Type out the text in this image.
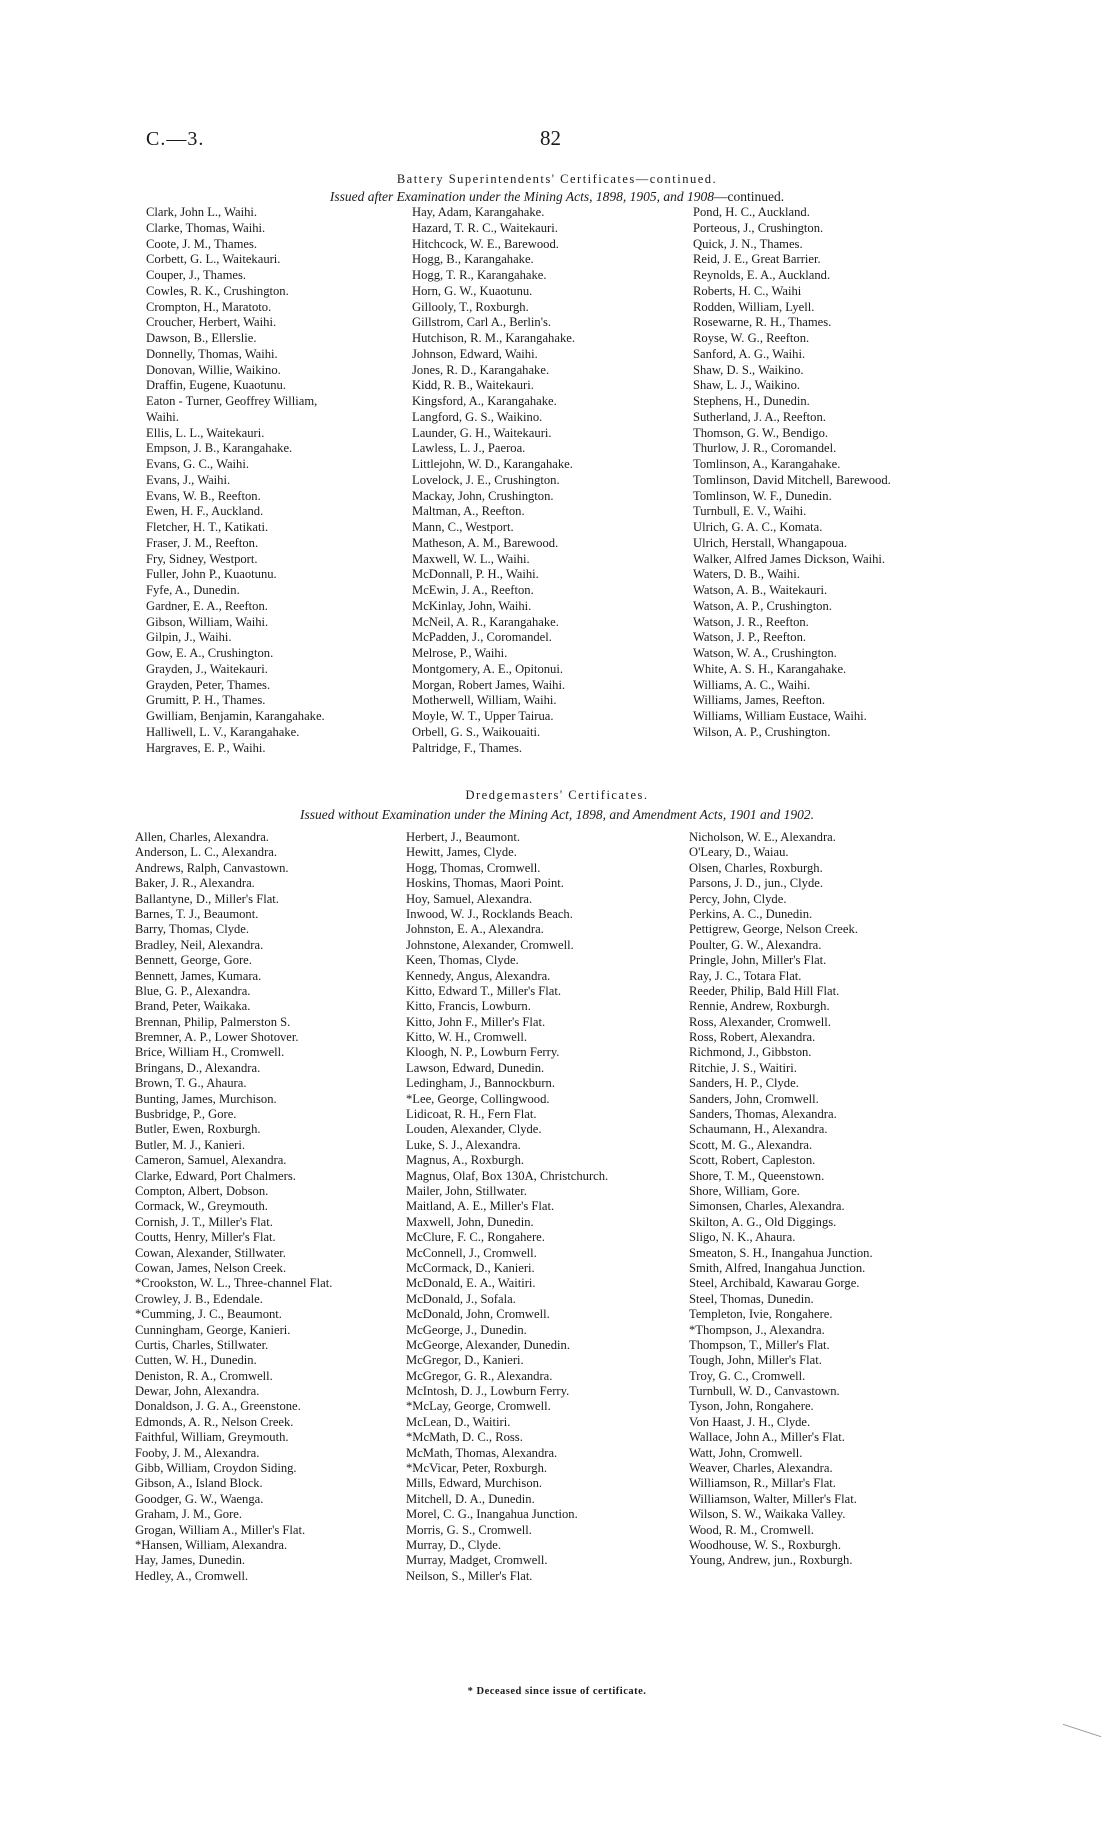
C.—3.	82
Battery Superintendents' Certificates—continued.
Issued after Examination under the Mining Acts, 1898, 1905, and 1908—continued.
Clark, John L., Waihi.
Clarke, Thomas, Waihi.
Coote, J. M., Thames.
Corbett, G. L., Waitekauri.
Couper, J., Thames.
Cowles, R. K., Crushington.
Crompton, H., Maratoto.
Croucher, Herbert, Waihi.
Dawson, B., Ellerslie.
Donnelly, Thomas, Waihi.
Donovan, Willie, Waikino.
Draffin, Eugene, Kuaotunu.
Eaton - Turner, Geoffrey William,
Waihi.
Ellis, L. L., Waitekauri.
Empson, J. B., Karangahake.
Evans, G. C., Waihi.
Evans, J., Waihi.
Evans, W. B., Reefton.
Ewen, H. F., Auckland.
Fletcher, H. T., Katikati.
Fraser, J. M., Reefton.
Fry, Sidney, Westport.
Fuller, John P., Kuaotunu.
Fyfe, A., Dunedin.
Gardner, E. A., Reefton.
Gibson, William, Waihi.
Gilpin, J., Waihi.
Gow, E. A., Crushington.
Grayden, J., Waitekauri.
Grayden, Peter, Thames.
Grumitt, P. H., Thames.
Gwilliam, Benjamin, Karangahake.
Halliwell, L. V., Karangahake.
Hargraves, E. P., Waihi.
Hay, Adam, Karangahake.
Hazard, T. R. C., Waitekauri.
Hitchcock, W. E., Barewood.
Hogg, B., Karangahake.
Hogg, T. R., Karangahake.
Horn, G. W., Kuaotunu.
Gillooly, T., Roxburgh.
Gillstrom, Carl A., Berlin's.
Hutchison, R. M., Karangahake.
Johnson, Edward, Waihi.
Jones, R. D., Karangahake.
Kidd, R. B., Waitekauri.
Kingsford, A., Karangahake.
Langford, G. S., Waikino.
Launder, G. H., Waitekauri.
Lawless, L. J., Paeroa.
Littlejohn, W. D., Karangahake.
Lovelock, J. E., Crushington.
Mackay, John, Crushington.
Maltman, A., Reefton.
Mann, C., Westport.
Matheson, A. M., Barewood.
Maxwell, W. L., Waihi.
McDonnall, P. H., Waihi.
McEwin, J. A., Reefton.
McKinlay, John, Waihi.
McNeil, A. R., Karangahake.
McPadden, J., Coromandel.
Melrose, P., Waihi.
Montgomery, A. E., Opitonui.
Morgan, Robert James, Waihi.
Motherwell, William, Waihi.
Moyle, W. T., Upper Tairua.
Orbell, G. S., Waikouaiti.
Paltridge, F., Thames.
Pond, H. C., Auckland.
Porteous, J., Crushington.
Quick, J. N., Thames.
Reid, J. E., Great Barrier.
Reynolds, E. A., Auckland.
Roberts, H. C., Waihi
Rodden, William, Lyell.
Rosewarne, R. H., Thames.
Royse, W. G., Reefton.
Sanford, A. G., Waihi.
Shaw, D. S., Waikino.
Shaw, L. J., Waikino.
Stephens, H., Dunedin.
Sutherland, J. A., Reefton.
Thomson, G. W., Bendigo.
Thurlow, J. R., Coromandel.
Tomlinson, A., Karangahake.
Tomlinson, David Mitchell, Barewood.
Tomlinson, W. F., Dunedin.
Turnbull, E. V., Waihi.
Ulrich, G. A. C., Komata.
Ulrich, Herstall, Whangapoua.
Walker, Alfred James Dickson, Waihi.
Waters, D. B., Waihi.
Watson, A. B., Waitekauri.
Watson, A. P., Crushington.
Watson, J. R., Reefton.
Watson, J. P., Reefton.
Watson, W. A., Crushington.
White, A. S. H., Karangahake.
Williams, A. C., Waihi.
Williams, James, Reefton.
Williams, William Eustace, Waihi.
Wilson, A. P., Crushington.
Dredgemasters' Certificates.
Issued without Examination under the Mining Act, 1898, and Amendment Acts, 1901 and 1902.
Allen, Charles, Alexandra.
Anderson, L. C., Alexandra.
Andrews, Ralph, Canvastown.
Baker, J. R., Alexandra.
Ballantyne, D., Miller's Flat.
Barnes, T. J., Beaumont.
Barry, Thomas, Clyde.
Bradley, Neil, Alexandra.
Bennett, George, Gore.
Bennett, James, Kumara.
Blue, G. P., Alexandra.
Brand, Peter, Waikaka.
Brennan, Philip, Palmerston S.
Bremner, A. P., Lower Shotover.
Brice, William H., Cromwell.
Bringans, D., Alexandra.
Brown, T. G., Ahaura.
Bunting, James, Murchison.
Busbridge, P., Gore.
Butler, Ewen, Roxburgh.
Butler, M. J., Kanieri.
Cameron, Samuel, Alexandra.
Clarke, Edward, Port Chalmers.
Compton, Albert, Dobson.
Cormack, W., Greymouth.
Cornish, J. T., Miller's Flat.
Coutts, Henry, Miller's Flat.
Cowan, Alexander, Stillwater.
Cowan, James, Nelson Creek.
*Crookston, W. L., Three-channel Flat.
Crowley, J. B., Edendale.
*Cumming, J. C., Beaumont.
Cunningham, George, Kanieri.
Curtis, Charles, Stillwater.
Cutten, W. H., Dunedin.
Deniston, R. A., Cromwell.
Dewar, John, Alexandra.
Donaldson, J. G. A., Greenstone.
Edmonds, A. R., Nelson Creek.
Faithful, William, Greymouth.
Fooby, J. M., Alexandra.
Gibb, William, Croydon Siding.
Gibson, A., Island Block.
Goodger, G. W., Waenga.
Graham, J. M., Gore.
Grogan, William A., Miller's Flat.
*Hansen, William, Alexandra.
Hay, James, Dunedin.
Hedley, A., Cromwell.
Herbert, J., Beaumont.
Hewitt, James, Clyde.
Hogg, Thomas, Cromwell.
Hoskins, Thomas, Maori Point.
Hoy, Samuel, Alexandra.
Inwood, W. J., Rocklands Beach.
Johnston, E. A., Alexandra.
Johnstone, Alexander, Cromwell.
Keen, Thomas, Clyde.
Kennedy, Angus, Alexandra.
Kitto, Edward T., Miller's Flat.
Kitto, Francis, Lowburn.
Kitto, John F., Miller's Flat.
Kitto, W. H., Cromwell.
Kloogh, N. P., Lowburn Ferry.
Lawson, Edward, Dunedin.
Ledingham, J., Bannockburn.
*Lee, George, Collingwood.
Lidicoat, R. H., Fern Flat.
Louden, Alexander, Clyde.
Luke, S. J., Alexandra.
Magnus, A., Roxburgh.
Magnus, Olaf, Box 130A, Christchurch.
Mailer, John, Stillwater.
Maitland, A. E., Miller's Flat.
Maxwell, John, Dunedin.
McClure, F. C., Rongahere.
McConnell, J., Cromwell.
McCormack, D., Kanieri.
McDonald, E. A., Waitiri.
McDonald, J., Sofala.
McDonald, John, Cromwell.
McGeorge, J., Dunedin.
McGeorge, Alexander, Dunedin.
McGregor, D., Kanieri.
McGregor, G. R., Alexandra.
McIntosh, D. J., Lowburn Ferry.
*McLay, George, Cromwell.
McLean, D., Waitiri.
*McMath, D. C., Ross.
McMath, Thomas, Alexandra.
*McVicar, Peter, Roxburgh.
Mills, Edward, Murchison.
Mitchell, D. A., Dunedin.
Morel, C. G., Inangahua Junction.
Morris, G. S., Cromwell.
Murray, D., Clyde.
Murray, Madget, Cromwell.
Neilson, S., Miller's Flat.
Nicholson, W. E., Alexandra.
O'Leary, D., Waiau.
Olsen, Charles, Roxburgh.
Parsons, J. D., jun., Clyde.
Percy, John, Clyde.
Perkins, A. C., Dunedin.
Pettigrew, George, Nelson Creek.
Poulter, G. W., Alexandra.
Pringle, John, Miller's Flat.
Ray, J. C., Totara Flat.
Reeder, Philip, Bald Hill Flat.
Rennie, Andrew, Roxburgh.
Ross, Alexander, Cromwell.
Ross, Robert, Alexandra.
Richmond, J., Gibbston.
Ritchie, J. S., Waitiri.
Sanders, H. P., Clyde.
Sanders, John, Cromwell.
Sanders, Thomas, Alexandra.
Schaumann, H., Alexandra.
Scott, M. G., Alexandra.
Scott, Robert, Capleston.
Shore, T. M., Queenstown.
Shore, William, Gore.
Simonsen, Charles, Alexandra.
Skilton, A. G., Old Diggings.
Sligo, N. K., Ahaura.
Smeaton, S. H., Inangahua Junction.
Smith, Alfred, Inangahua Junction.
Steel, Archibald, Kawarau Gorge.
Steel, Thomas, Dunedin.
Templeton, Ivie, Rongahere.
*Thompson, J., Alexandra.
Thompson, T., Miller's Flat.
Tough, John, Miller's Flat.
Troy, G. C., Cromwell.
Turnbull, W. D., Canvastown.
Tyson, John, Rongahere.
Von Haast, J. H., Clyde.
Wallace, John A., Miller's Flat.
Watt, John, Cromwell.
Weaver, Charles, Alexandra.
Williamson, R., Millar's Flat.
Williamson, Walter, Miller's Flat.
Wilson, S. W., Waikaka Valley.
Wood, R. M., Cromwell.
Woodhouse, W. S., Roxburgh.
Young, Andrew, jun., Roxburgh.
* Deceased since issue of certificate.
